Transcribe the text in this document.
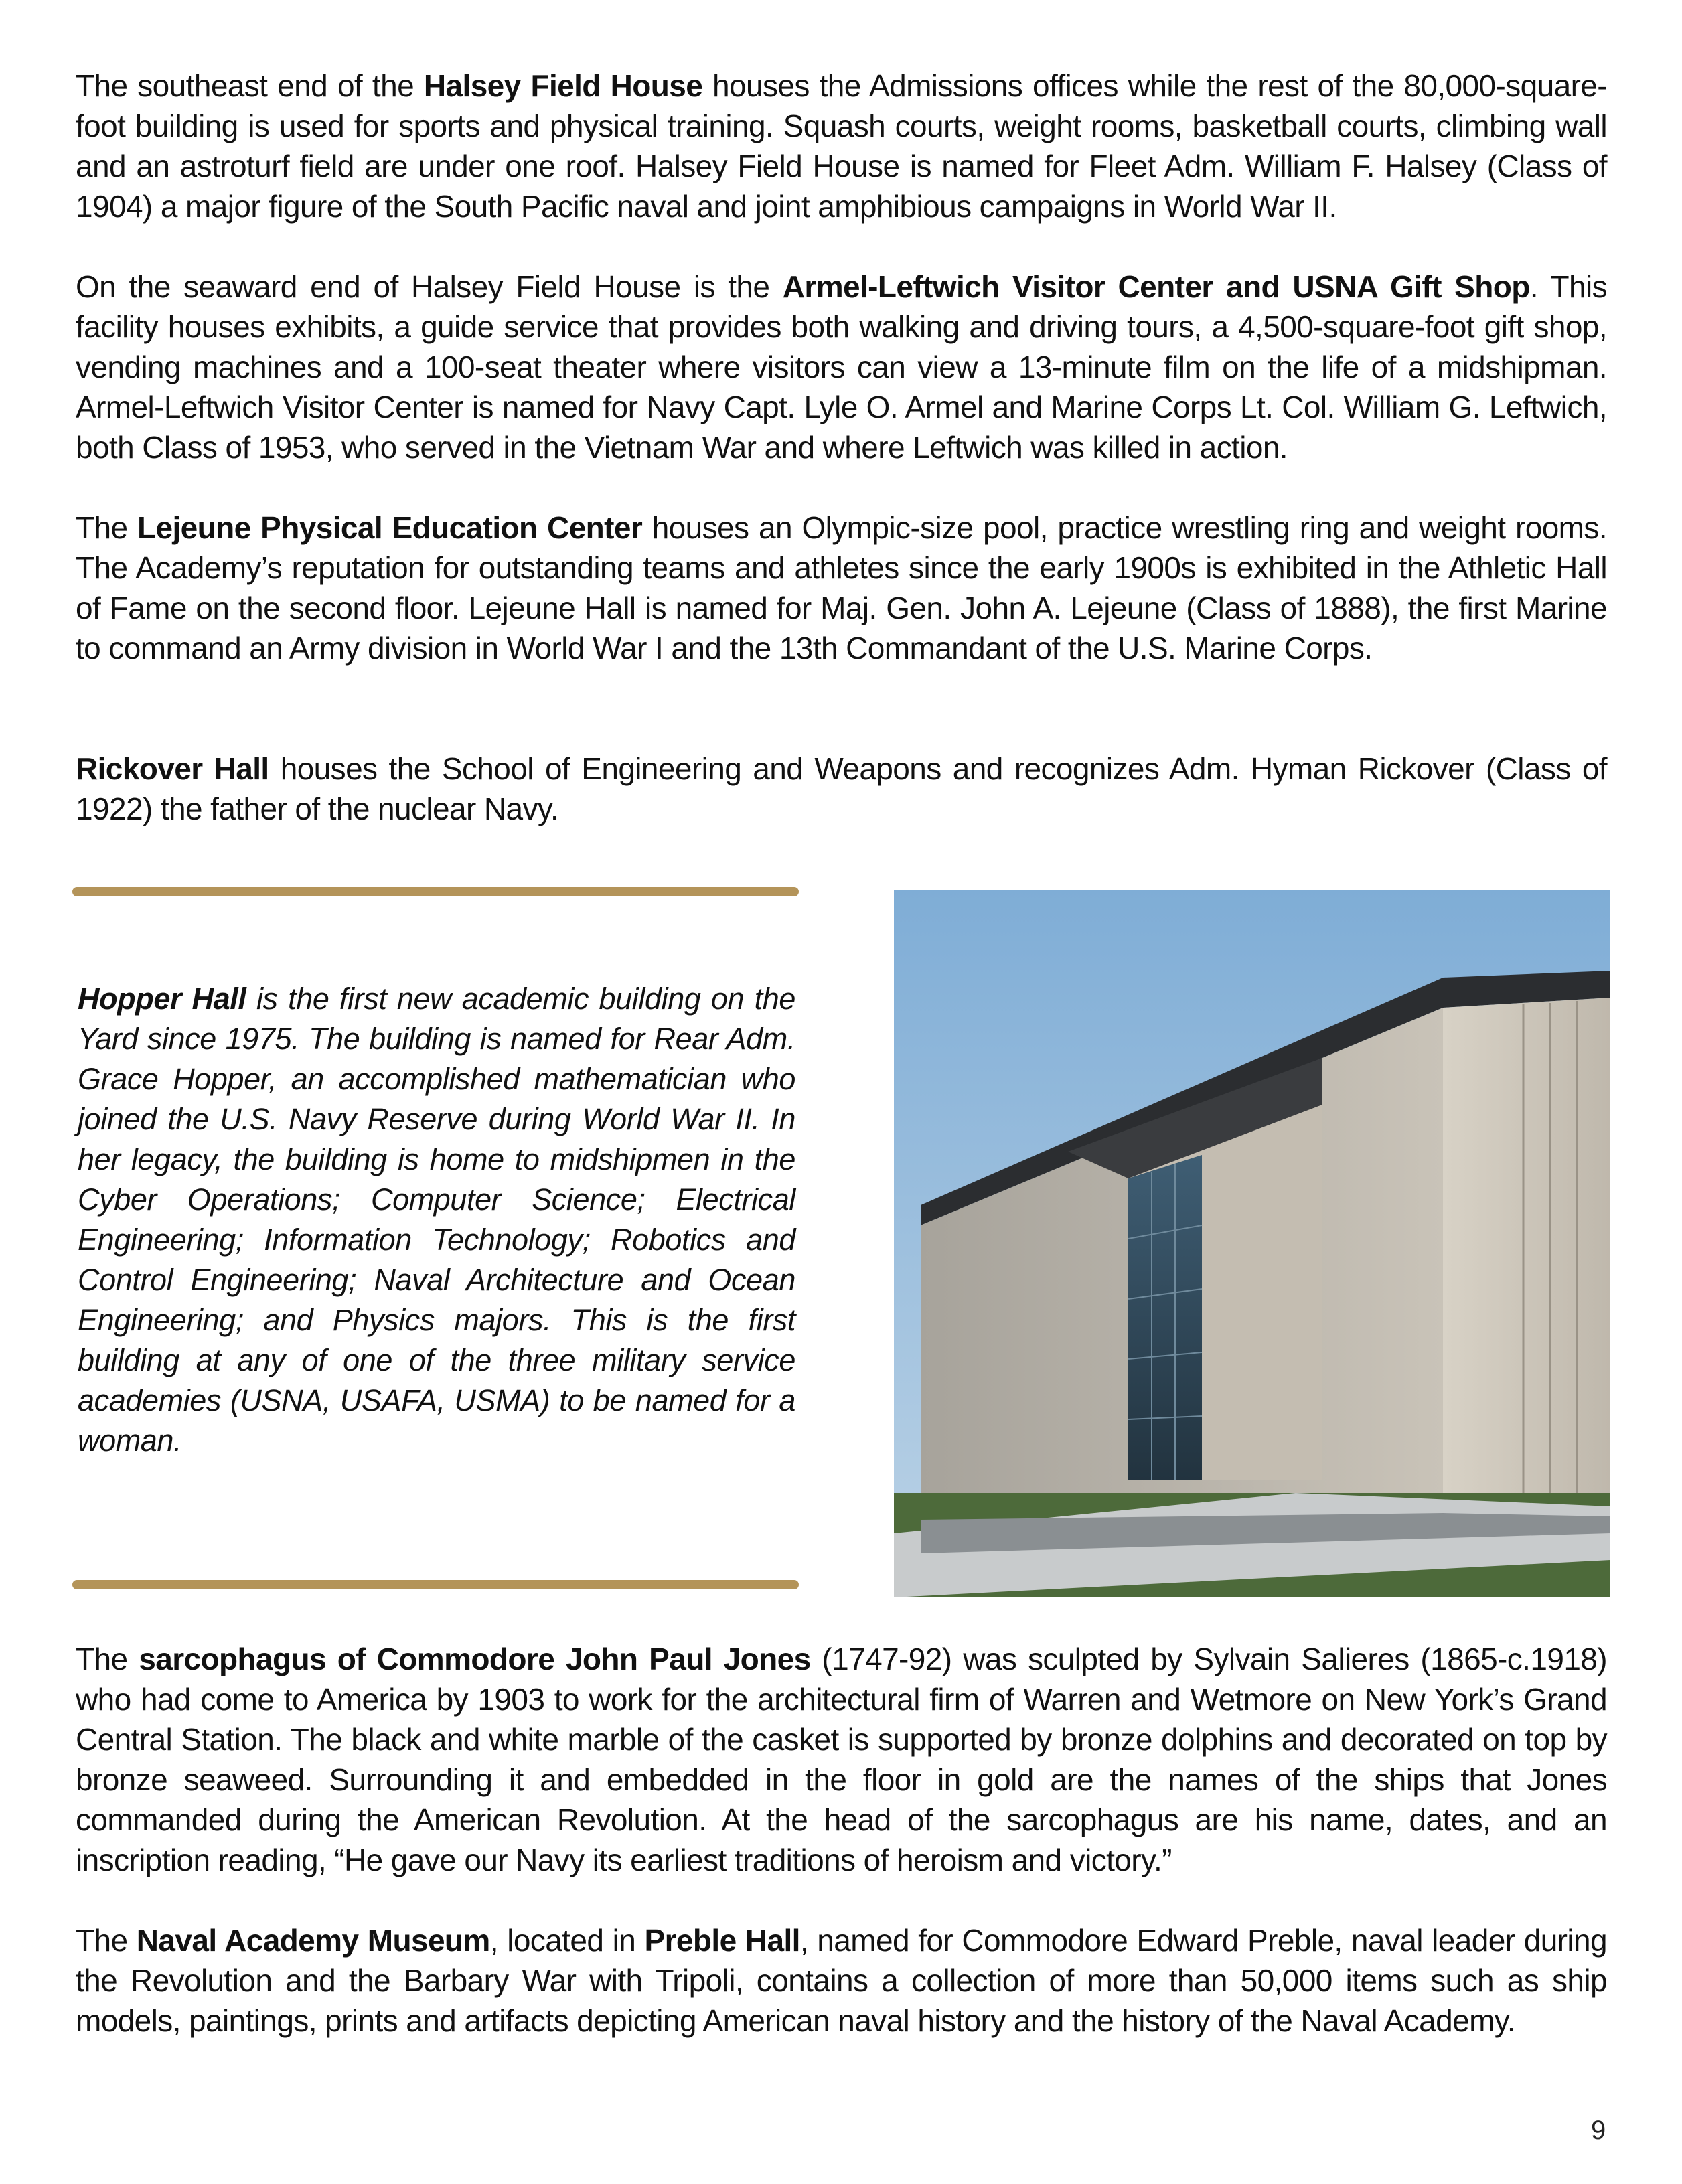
The southeast end of the Halsey Field House houses the Admissions offices while the rest of the 80,000-square-foot building is used for sports and physical training. Squash courts, weight rooms, basketball courts, climbing wall and an astroturf field are under one roof. Halsey Field House is named for Fleet Adm. William F. Halsey (Class of 1904) a major figure of the South Pacific naval and joint amphibious campaigns in World War II.

On the seaward end of Halsey Field House is the Armel-Leftwich Visitor Center and USNA Gift Shop. This facility houses exhibits, a guide service that provides both walking and driving tours, a 4,500-square-foot gift shop, vending machines and a 100-seat theater where visitors can view a 13-minute film on the life of a midshipman. Armel-Leftwich Visitor Center is named for Navy Capt. Lyle O. Armel and Marine Corps Lt. Col. William G. Leftwich, both Class of 1953, who served in the Vietnam War and where Leftwich was killed in action.

The Lejeune Physical Education Center houses an Olympic-size pool, practice wrestling ring and weight rooms. The Academy’s reputation for outstanding teams and athletes since the early 1900s is exhibited in the Athletic Hall of Fame on the second floor. Lejeune Hall is named for Maj. Gen. John A. Lejeune (Class of 1888), the first Marine to command an Army division in World War I and the 13th Commandant of the U.S. Marine Corps.

Rickover Hall houses the School of Engineering and Weapons and recognizes Adm. Hyman Rickover (Class of 1922) the father of the nuclear Navy.

Hopper Hall is the first new academic building on the Yard since 1975. The building is named for Rear Adm. Grace Hopper, an accomplished mathematician who joined the U.S. Navy Reserve during World War II. In her legacy, the building is home to midshipmen in the Cyber Operations; Computer Science; Electrical Engineering; Information Technology; Robotics and Control Engineering; Naval Architecture and Ocean Engineering; and Physics majors. This is the first building at any of one of the three military service academies (USNA, USAFA, USMA) to be named for a woman.

The sarcophagus of Commodore John Paul Jones (1747-92) was sculpted by Sylvain Salieres (1865-c.1918) who had come to America by 1903 to work for the architectural firm of Warren and Wetmore on New York’s Grand Central Station. The black and white marble of the casket is supported by bronze dolphins and decorated on top by bronze seaweed. Surrounding it and embedded in the floor in gold are the names of the ships that Jones commanded during the American Revolution. At the head of the sarcophagus are his name, dates, and an inscription reading, “He gave our Navy its earliest traditions of heroism and victory.”

The Naval Academy Museum, located in Preble Hall, named for Commodore Edward Preble, naval leader during the Revolution and the Barbary War with Tripoli, contains a collection of more than 50,000 items such as ship models, paintings, prints and artifacts depicting American naval history and the history of the Naval Academy.

9
